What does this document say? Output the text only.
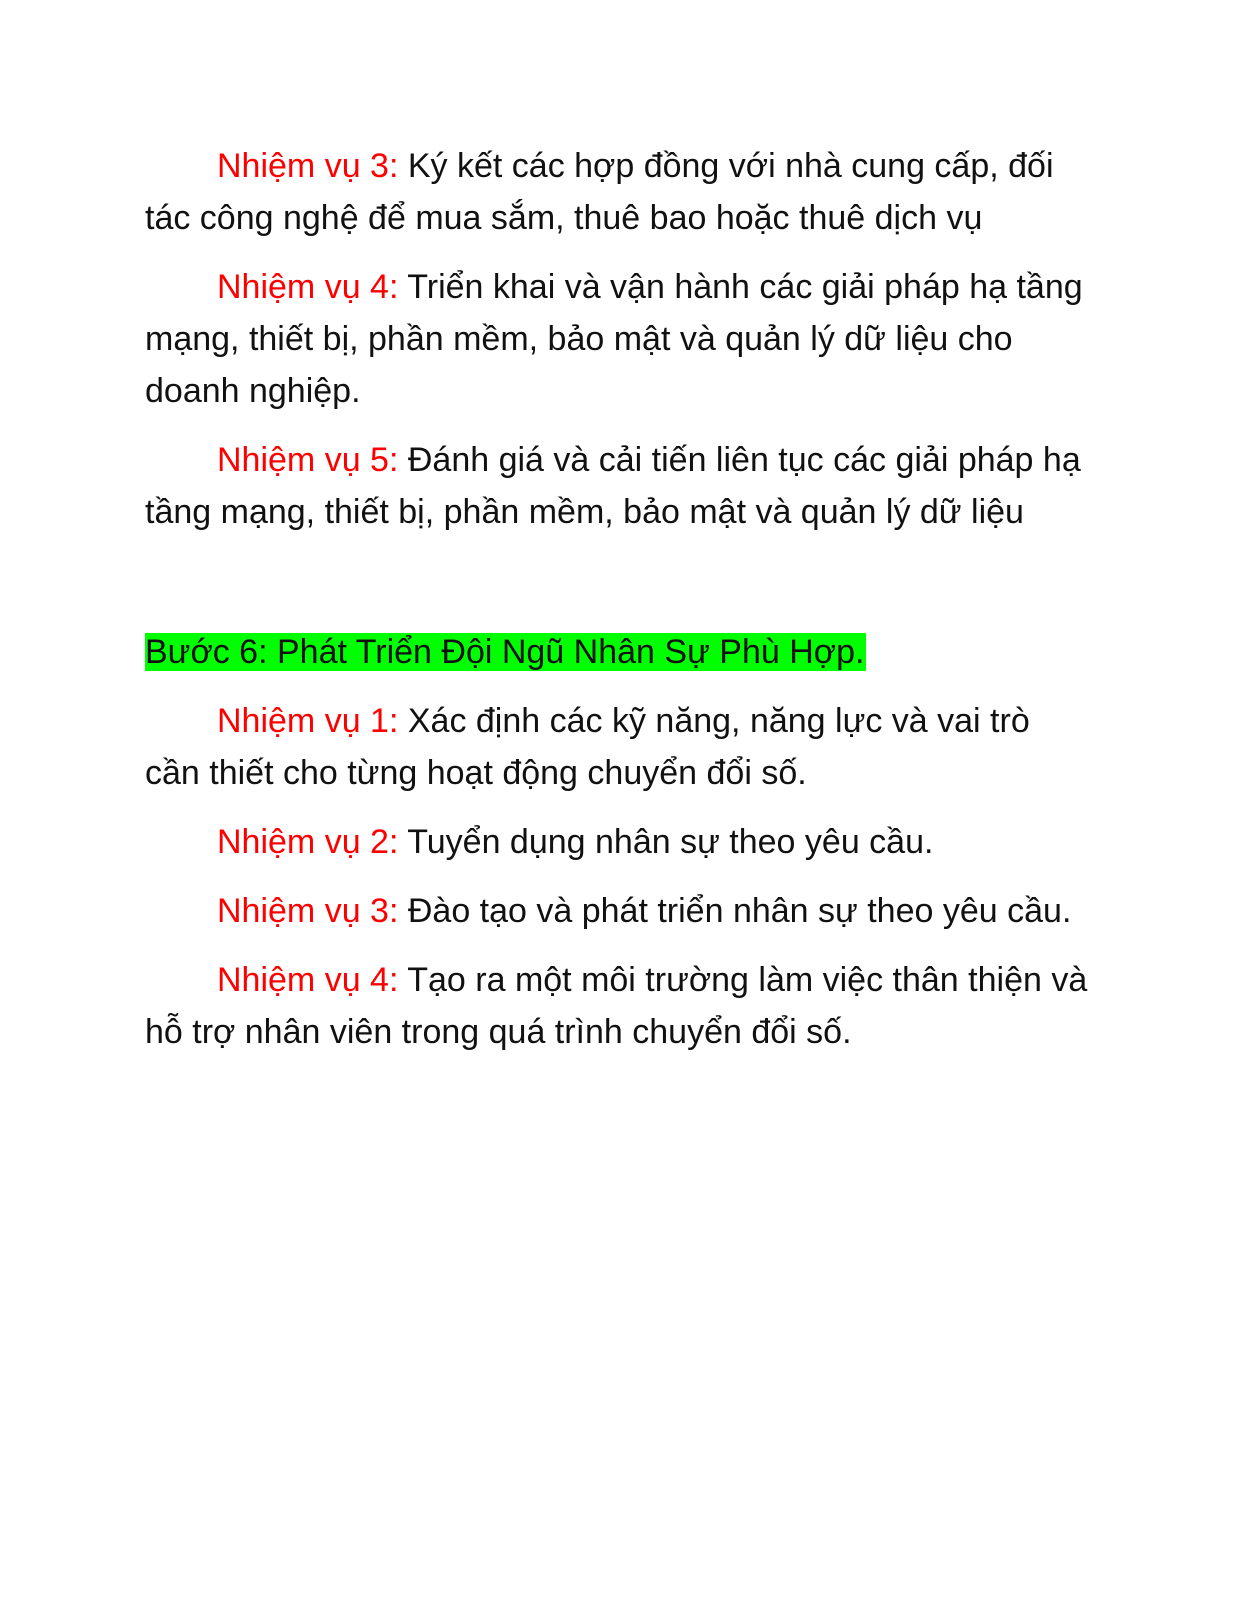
Nhiệm vụ 3: Ký kết các hợp đồng với nhà cung cấp, đối tác công nghệ để mua sắm, thuê bao hoặc thuê dịch vụ

Nhiệm vụ 4: Triển khai và vận hành các giải pháp hạ tầng mạng, thiết bị, phần mềm, bảo mật và quản lý dữ liệu cho doanh nghiệp.

Nhiệm vụ 5: Đánh giá và cải tiến liên tục các giải pháp hạ tầng mạng, thiết bị, phần mềm, bảo mật và quản lý dữ liệu

Bước 6: Phát Triển Đội Ngũ Nhân Sự Phù Hợp.

Nhiệm vụ 1: Xác định các kỹ năng, năng lực và vai trò cần thiết cho từng hoạt động chuyển đổi số.

Nhiệm vụ 2: Tuyển dụng nhân sự theo yêu cầu.

Nhiệm vụ 3: Đào tạo và phát triển nhân sự theo yêu cầu.

Nhiệm vụ 4: Tạo ra một môi trường làm việc thân thiện và hỗ trợ nhân viên trong quá trình chuyển đổi số.
